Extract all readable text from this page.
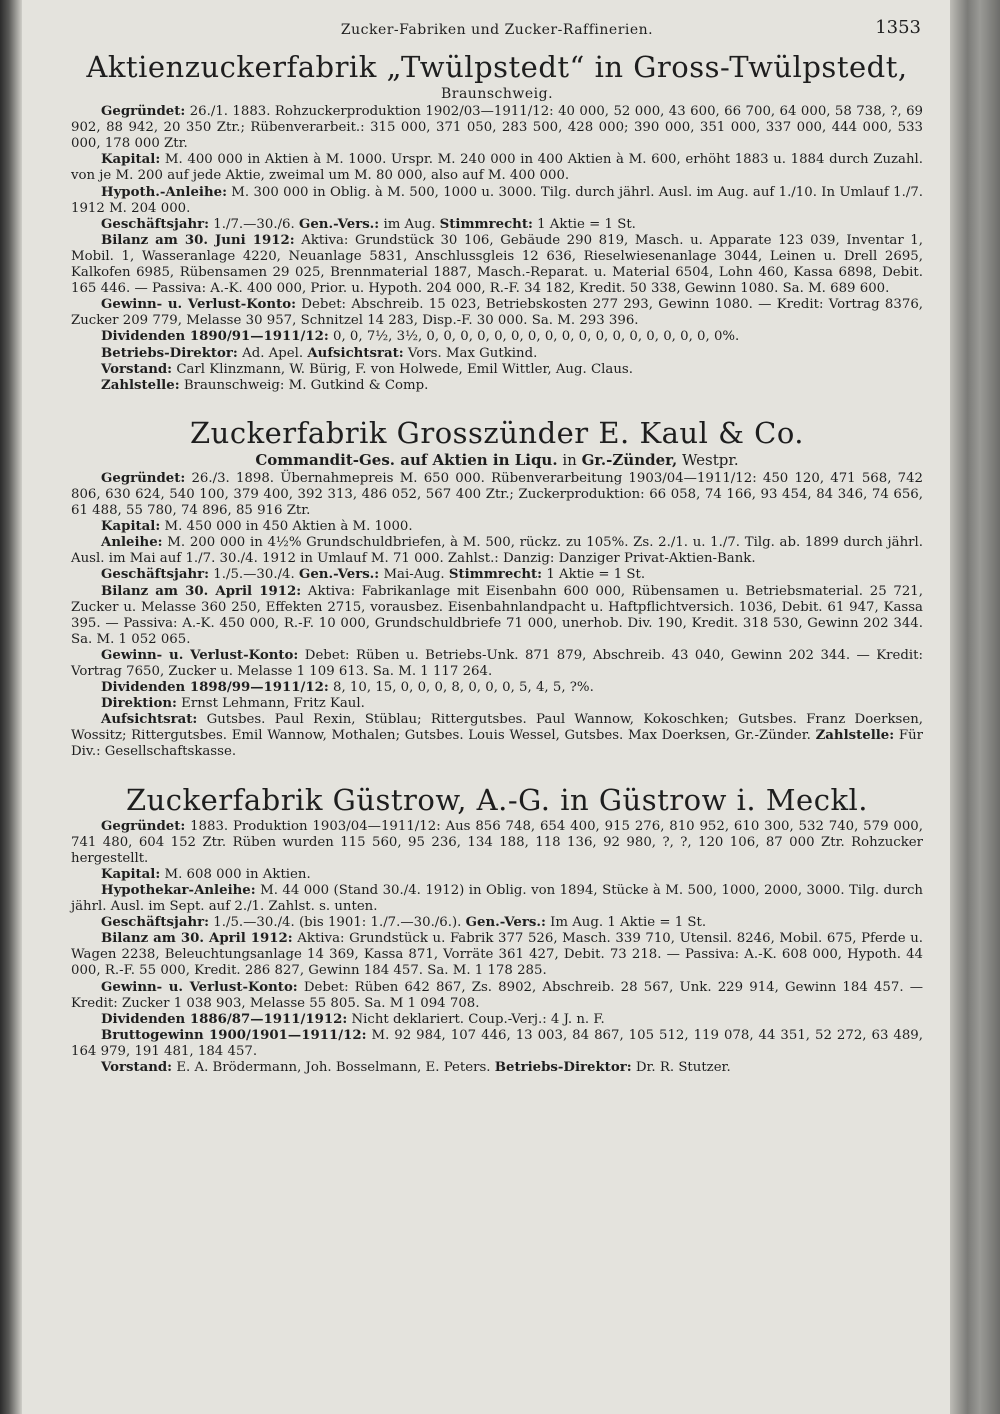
Zucker-Fabriken und Zucker-Raffinerien.	1353
Aktienzuckerfabrik „Twülpstedt“ in Gross-Twülpstedt,
Braunschweig.

Gegründet: 26./1. 1883. Rohzuckerproduktion 1902/03—1911/12: 40 000, 52 000, 43 600, 66 700, 64 000, 58 738, ?, 69 902, 88 942, 20 350 Ztr.; Rübenverarbeit.: 315 000, 371 050, 283 500, 428 000; 390 000, 351 000, 337 000, 444 000, 533 000, 178 000 Ztr.

Kapital: M. 400 000 in Aktien à M. 1000. Urspr. M. 240 000 in 400 Aktien à M. 600, erhöht 1883 u. 1884 durch Zuzahl. von je M. 200 auf jede Aktie, zweimal um M. 80 000, also auf M. 400 000.

Hypoth.-Anleihe: M. 300 000 in Oblig. à M. 500, 1000 u. 3000. Tilg. durch jährl. Ausl. im Aug. auf 1./10. In Umlauf 1./7. 1912 M. 204 000.

Geschäftsjahr: 1./7.—30./6. Gen.-Vers.: im Aug. Stimmrecht: 1 Aktie = 1 St.

Bilanz am 30. Juni 1912: Aktiva: Grundstück 30 106, Gebäude 290 819, Masch. u. Apparate 123 039, Inventar 1, Mobil. 1, Wasseranlage 4220, Neuanlage 5831, Anschlussgleis 12 636, Rieselwiesenanlage 3044, Leinen u. Drell 2695, Kalkofen 6985, Rübensamen 29 025, Brennmaterial 1887, Masch.-Reparat. u. Material 6504, Lohn 460, Kassa 6898, Debit. 165 446. — Passiva: A.-K. 400 000, Prior. u. Hypoth. 204 000, R.-F. 34 182, Kredit. 50 338, Gewinn 1080. Sa. M. 689 600.

Gewinn- u. Verlust-Konto: Debet: Abschreib. 15 023, Betriebskosten 277 293, Gewinn 1080. — Kredit: Vortrag 8376, Zucker 209 779, Melasse 30 957, Schnitzel 14 283, Disp.-F. 30 000. Sa. M. 293 396.

Dividenden 1890/91—1911/12: 0, 0, 7½, 3½, 0, 0, 0, 0, 0, 0, 0, 0, 0, 0, 0, 0, 0, 0, 0, 0, 0, 0%.

Betriebs-Direktor: Ad. Apel. Aufsichtsrat: Vors. Max Gutkind.

Vorstand: Carl Klinzmann, W. Bürig, F. von Holwede, Emil Wittler, Aug. Claus.

Zahlstelle: Braunschweig: M. Gutkind & Comp.

Zuckerfabrik Grosszünder E. Kaul & Co.
Commandit-Ges. auf Aktien in Liqu. in Gr.-Zünder, Westpr.

Gegründet: 26./3. 1898. Übernahmepreis M. 650 000. Rübenverarbeitung 1903/04—1911/12: 450 120, 471 568, 742 806, 630 624, 540 100, 379 400, 392 313, 486 052, 567 400 Ztr.; Zuckerproduktion: 66 058, 74 166, 93 454, 84 346, 74 656, 61 488, 55 780, 74 896, 85 916 Ztr.

Kapital: M. 450 000 in 450 Aktien à M. 1000.

Anleihe: M. 200 000 in 4½% Grundschuldbriefen, à M. 500, rückz. zu 105%. Zs. 2./1. u. 1./7. Tilg. ab. 1899 durch jährl. Ausl. im Mai auf 1./7. 30./4. 1912 in Umlauf M. 71 000. Zahlst.: Danzig: Danziger Privat-Aktien-Bank.

Geschäftsjahr: 1./5.—30./4. Gen.-Vers.: Mai-Aug. Stimmrecht: 1 Aktie = 1 St.

Bilanz am 30. April 1912: Aktiva: Fabrikanlage mit Eisenbahn 600 000, Rübensamen u. Betriebsmaterial. 25 721, Zucker u. Melasse 360 250, Effekten 2715, vorausbez. Eisenbahnlandpacht u. Haftpflichtversich. 1036, Debit. 61 947, Kassa 395. — Passiva: A.-K. 450 000, R.-F. 10 000, Grundschuldbriefe 71 000, unerhob. Div. 190, Kredit. 318 530, Gewinn 202 344. Sa. M. 1 052 065.

Gewinn- u. Verlust-Konto: Debet: Rüben u. Betriebs-Unk. 871 879, Abschreib. 43 040, Gewinn 202 344. — Kredit: Vortrag 7650, Zucker u. Melasse 1 109 613. Sa. M. 1 117 264.

Dividenden 1898/99—1911/12: 8, 10, 15, 0, 0, 0, 8, 0, 0, 0, 5, 4, 5, ?%.

Direktion: Ernst Lehmann, Fritz Kaul.

Aufsichtsrat: Gutsbes. Paul Rexin, Stüblau; Rittergutsbes. Paul Wannow, Kokoschken; Gutsbes. Franz Doerksen, Wossitz; Rittergutsbes. Emil Wannow, Mothalen; Gutsbes. Louis Wessel, Gutsbes. Max Doerksen, Gr.-Zünder. Zahlstelle: Für Div.: Gesellschaftskasse.

Zuckerfabrik Güstrow, A.-G. in Güstrow i. Meckl.

Gegründet: 1883. Produktion 1903/04—1911/12: Aus 856 748, 654 400, 915 276, 810 952, 610 300, 532 740, 579 000, 741 480, 604 152 Ztr. Rüben wurden 115 560, 95 236, 134 188, 118 136, 92 980, ?, ?, 120 106, 87 000 Ztr. Rohzucker hergestellt.

Kapital: M. 608 000 in Aktien.

Hypothekar-Anleihe: M. 44 000 (Stand 30./4. 1912) in Oblig. von 1894, Stücke à M. 500, 1000, 2000, 3000. Tilg. durch jährl. Ausl. im Sept. auf 2./1. Zahlst. s. unten.

Geschäftsjahr: 1./5.—30./4. (bis 1901: 1./7.—30./6.). Gen.-Vers.: Im Aug. 1 Aktie = 1 St.

Bilanz am 30. April 1912: Aktiva: Grundstück u. Fabrik 377 526, Masch. 339 710, Utensil. 8246, Mobil. 675, Pferde u. Wagen 2238, Beleuchtungsanlage 14 369, Kassa 871, Vorräte 361 427, Debit. 73 218. — Passiva: A.-K. 608 000, Hypoth. 44 000, R.-F. 55 000, Kredit. 286 827, Gewinn 184 457. Sa. M. 1 178 285.

Gewinn- u. Verlust-Konto: Debet: Rüben 642 867, Zs. 8902, Abschreib. 28 567, Unk. 229 914, Gewinn 184 457. — Kredit: Zucker 1 038 903, Melasse 55 805. Sa. M 1 094 708.

Dividenden 1886/87—1911/1912: Nicht deklariert. Coup.-Verj.: 4 J. n. F.

Bruttogewinn 1900/1901—1911/12: M. 92 984, 107 446, 13 003, 84 867, 105 512, 119 078, 44 351, 52 272, 63 489, 164 979, 191 481, 184 457.

Vorstand: E. A. Brödermann, Joh. Bosselmann, E. Peters. Betriebs-Direktor: Dr. R. Stutzer.
